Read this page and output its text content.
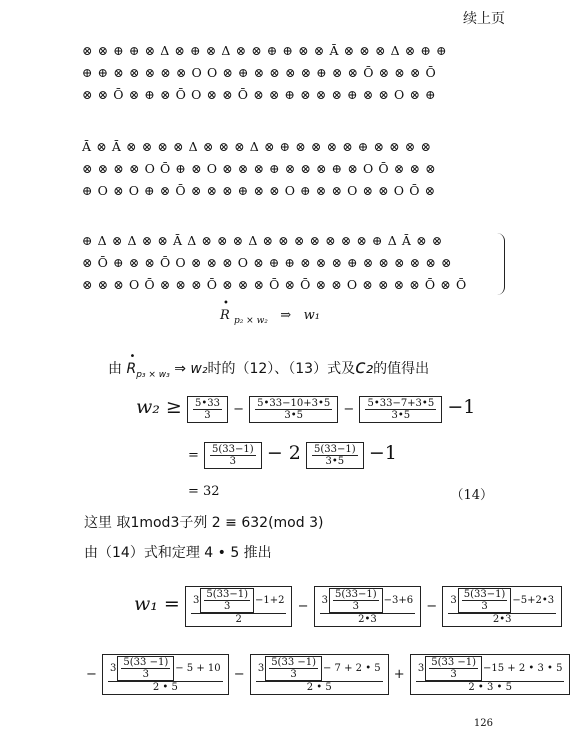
续上页
⊗ ⊗ ⊕ ⊕ ⊗ Δ ⊗ ⊕ ⊗ Δ ⊗ ⊗ ⊕ ⊕ ⊗ ⊗ Ā ⊗ ⊗ ⊗ Δ ⊗ ⊕ ⊕
⊕ ⊕ ⊗ ⊗ ⊗ ⊗ ⊗ O O ⊗ ⊕ ⊗ ⊗ ⊗ ⊗ ⊕ ⊗ ⊗ Ō ⊗ ⊗ ⊗ Ō
⊗ ⊗ Ō ⊗ ⊕ ⊗ Ō O ⊗ ⊗ Ō ⊗ ⊗ ⊕ ⊗ ⊗ ⊗ ⊕ ⊗ ⊗ O ⊗ ⊕
Ā ⊗ Ā ⊗ ⊗ ⊗ ⊗ Δ ⊗ ⊗ ⊗ Δ ⊗ ⊕ ⊗ ⊗ ⊗ ⊗ ⊕ ⊗ ⊗ ⊗ ⊗
⊗ ⊗ ⊗ ⊗ O Ō ⊕ ⊗ O ⊗ ⊗ ⊗ ⊕ ⊗ ⊗ ⊗ ⊕ ⊗ O Ō ⊗ ⊗ ⊗
⊕ O ⊗ O ⊕ ⊗ Ō ⊗ ⊗ ⊗ ⊕ ⊗ ⊗ O ⊕ ⊗ ⊗ O ⊗ ⊗ O Ō ⊗
⊕ Δ ⊗ Δ ⊗ ⊗ Ā Δ ⊗ ⊗ ⊗ Δ ⊗ ⊗ ⊗ ⊗ ⊗ ⊗ ⊗ ⊕ Δ Ā ⊗ ⊗
⊗ Ō ⊕ ⊗ ⊗ Ō O ⊗ ⊗ ⊗ O ⊗ ⊕ ⊕ ⊗ ⊗ ⊗ ⊕ ⊗ ⊗ ⊗ ⊗ ⊗ ⊗
⊗ ⊗ ⊗ O Ō ⊗ ⊗ ⊗ Ō ⊗ ⊗ ⊗ Ō ⊗ Ō ⊗ ⊗ O ⊗ ⊗ ⊗ ⊗ Ō ⊗ Ō
•
R $_{p_2 \times w_2}$ ⇒ w₁
由
•
$R_{p_3 \times w_3}$ ⇒ w₂时的（12）、（13）式及c₂的值得出
$w_2 \ge \frac{5•33}{3} - \frac{5•33-10+3•5}{3•5} - \frac{5•33-7+3•5}{3•5} -1$
= $\frac{5(33-1)}{3} - 2 \frac{5(33-1)}{3•5} -1$
= 32	（14）
这里 取1mod3子列 2 ≡ 632(mod 3)
由（14）式和定理 4 • 5 推出
$w_1 = \frac{3 \frac{5(33-1)}{3} -1+2}{2} - \frac{3 \frac{5(33-1)}{3} -3+6}{2•3} - \frac{3 \frac{5(33-1)}{3} -5+2•3}{2•3}$
− $\frac{3 \frac{5(33 -1)}{3} - 5 + 10}{2 • 5} - \frac{3 \frac{5(33 -1)}{3} - 7 + 2 • 5}{2 • 5} + \frac{3 \frac{5(33 -1)}{3} -15 + 2 • 3 • 5}{2 • 3 • 5}$
126
